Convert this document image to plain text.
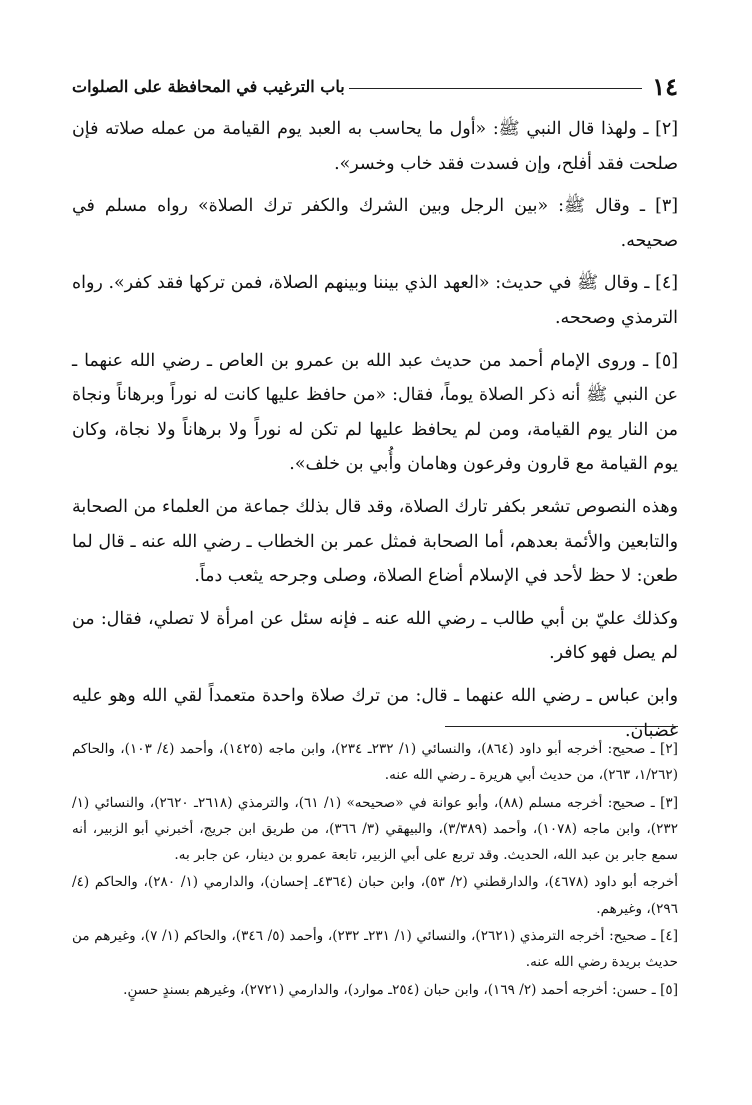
١٤
باب الترغيب في المحافظة على الصلوات

[٢] ـ ولهذا قال النبي ﷺ: «أول ما يحاسب به العبد يوم القيامة من عمله صلاته فإن صلحت فقد أفلح، وإن فسدت فقد خاب وخسر».

[٣] ـ وقال ﷺ: «بين الرجل وبين الشرك والكفر ترك الصلاة» رواه مسلم في صحيحه.

[٤] ـ وقال ﷺ في حديث: «العهد الذي بيننا وبينهم الصلاة، فمن تركها فقد كفر». رواه الترمذي وصححه.

[٥] ـ وروى الإمام أحمد من حديث عبد الله بن عمرو بن العاص ـ رضي الله عنهما ـ عن النبي ﷺ أنه ذكر الصلاة يوماً، فقال: «من حافظ عليها كانت له نوراً وبرهاناً ونجاة من النار يوم القيامة، ومن لم يحافظ عليها لم تكن له نوراً ولا برهاناً ولا نجاة، وكان يوم القيامة مع قارون وفرعون وهامان وأُبي بن خلف».

وهذه النصوص تشعر بكفر تارك الصلاة، وقد قال بذلك جماعة من العلماء من الصحابة والتابعين والأئمة بعدهم، أما الصحابة فمثل عمر بن الخطاب ـ رضي الله عنه ـ قال لما طعن: لا حظ لأحد في الإسلام أضاع الصلاة، وصلى وجرحه يثعب دماً.

وكذلك عليّ بن أبي طالب ـ رضي الله عنه ـ فإنه سئل عن امرأة لا تصلي، فقال: من لم يصل فهو كافر.

وابن عباس ـ رضي الله عنهما ـ قال: من ترك صلاة واحدة متعمداً لقي الله وهو عليه غضبان.

[٢] ـ صحيح: أخرجه أبو داود (٨٦٤)، والنسائي (١/ ٢٣٢ـ ٢٣٤)، وابن ماجه (١٤٢٥)، وأحمد (٤/ ١٠٣)، والحاكم (١/٢٦٢، ٢٦٣)، من حديث أبي هريرة ـ رضي الله عنه.

[٣] ـ صحيح: أخرجه مسلم (٨٨)، وأبو عوانة في «صحيحه» (١/ ٦١)، والترمذي (٢٦١٨ـ ٢٦٢٠)، والنسائي (١/ ٢٣٢)، وابن ماجه (١٠٧٨)، وأحمد (٣/٣٨٩)، والبيهقي (٣/ ٣٦٦)، من طريق ابن جريج، أخبرني أبو الزبير، أنه سمع جابر بن عبد الله، الحديث. وقد تربع على أبي الزبير، تابعة عمرو بن دينار، عن جابر به.

أخرجه أبو داود (٤٦٧٨)، والدارقطني (٢/ ٥٣)، وابن حبان (٤٣٦٤ـ إحسان)، والدارمي (١/ ٢٨٠)، والحاكم (٤/ ٢٩٦)، وغيرهم.

[٤] ـ صحيح: أخرجه الترمذي (٢٦٢١)، والنسائي (١/ ٢٣١ـ ٢٣٢)، وأحمد (٥/ ٣٤٦)، والحاكم (١/ ٧)، وغيرهم من حديث بريدة رضي الله عنه.

[٥] ـ حسن: أخرجه أحمد (٢/ ١٦٩)، وابن حبان (٢٥٤ـ موارد)، والدارمي (٢٧٢١)، وغيرهم بسندٍ حسنٍ.
